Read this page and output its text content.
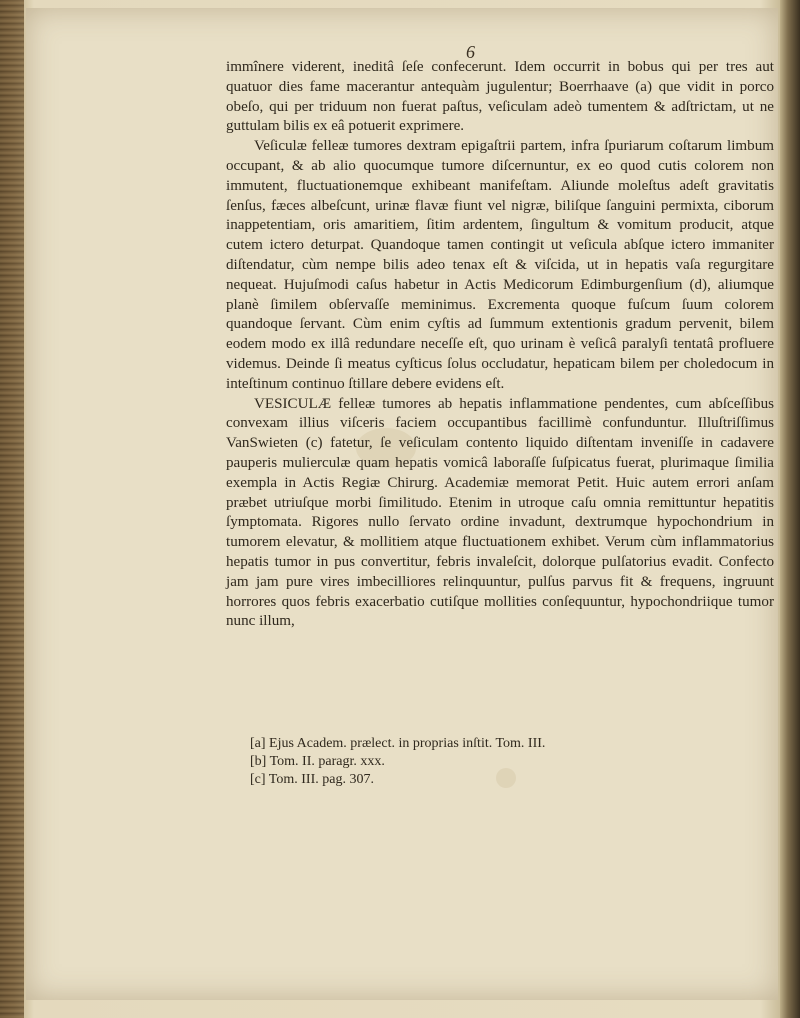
6

immînere viderent, ineditâ ſeſe confecerunt. Idem occurrit in bobus qui per tres aut quatuor dies fame macerantur antequàm jugulentur; Boerrhaave (a) que vidit in porco obeſo, qui per triduum non fuerat paſtus, veſiculam adeò tumentem & adſtrictam, ut ne guttulam bilis ex eâ potuerit exprimere.

Veſiculæ felleæ tumores dextram epigaſtrii partem, infra ſpuriarum coſtarum limbum occupant, & ab alio quocumque tumore diſcernuntur, ex eo quod cutis colorem non immutent, fluctuationemque exhibeant manifeſtam. Aliunde moleſtus adeſt gravitatis ſenſus, fæces albeſcunt, urinæ flavæ fiunt vel nigræ, biliſque ſanguini permixta, ciborum inappetentiam, oris amaritiem, ſitim ardentem, ſingultum & vomitum producit, atque cutem ictero deturpat. Quandoque tamen contingit ut veſicula abſque ictero immaniter diſtendatur, cùm nempe bilis adeo tenax eſt & viſcida, ut in hepatis vaſa regurgitare nequeat. Hujuſmodi caſus habetur in Actis Medicorum Edimburgenſium (d), aliumque planè ſimilem obſervaſſe meminimus. Excrementa quoque fuſcum ſuum colorem quandoque ſervant. Cùm enim cyſtis ad ſummum extentionis gradum pervenit, bilem eodem modo ex illâ redundare neceſſe eſt, quo urinam è veſicâ paralyſi tentatâ profluere videmus. Deinde ſi meatus cyſticus ſolus occludatur, hepaticam bilem per choledocum in inteſtinum continuo ſtillare debere evidens eſt.

VESICULÆ felleæ tumores ab hepatis inflammatione pendentes, cum abſceſſibus convexam illius viſceris faciem occupantibus facillimè confunduntur. Illuſtriſſimus VanSwieten (c) fatetur, ſe veſiculam contento liquido diſtentam inveniſſe in cadavere pauperis mulierculæ quam hepatis vomicâ laboraſſe ſuſpicatus fuerat, plurimaque ſimilia exempla in Actis Regiæ Chirurg. Academiæ memorat Petit. Huic autem errori anſam præbet utriuſque morbi ſimilitudo. Etenim in utroque caſu omnia remittuntur hepatitis ſymptomata. Rigores nullo ſervato ordine invadunt, dextrumque hypochondrium in tumorem elevatur, & mollitiem atque fluctuationem exhibet. Verum cùm inflammatorius hepatis tumor in pus convertitur, febris invaleſcit, dolorque pulſatorius evadit. Confecto jam jam pure vires imbecilliores relinquuntur, pulſus parvus fit & frequens, ingruunt horrores quos febris exacerbatio cutiſque mollities conſequuntur, hypochondriique tumor nunc illum,

[a] Ejus Academ. prælect. in proprias inſtit. Tom. III.
[b] Tom. II. paragr. xxx.
[c] Tom. III. pag. 307.
